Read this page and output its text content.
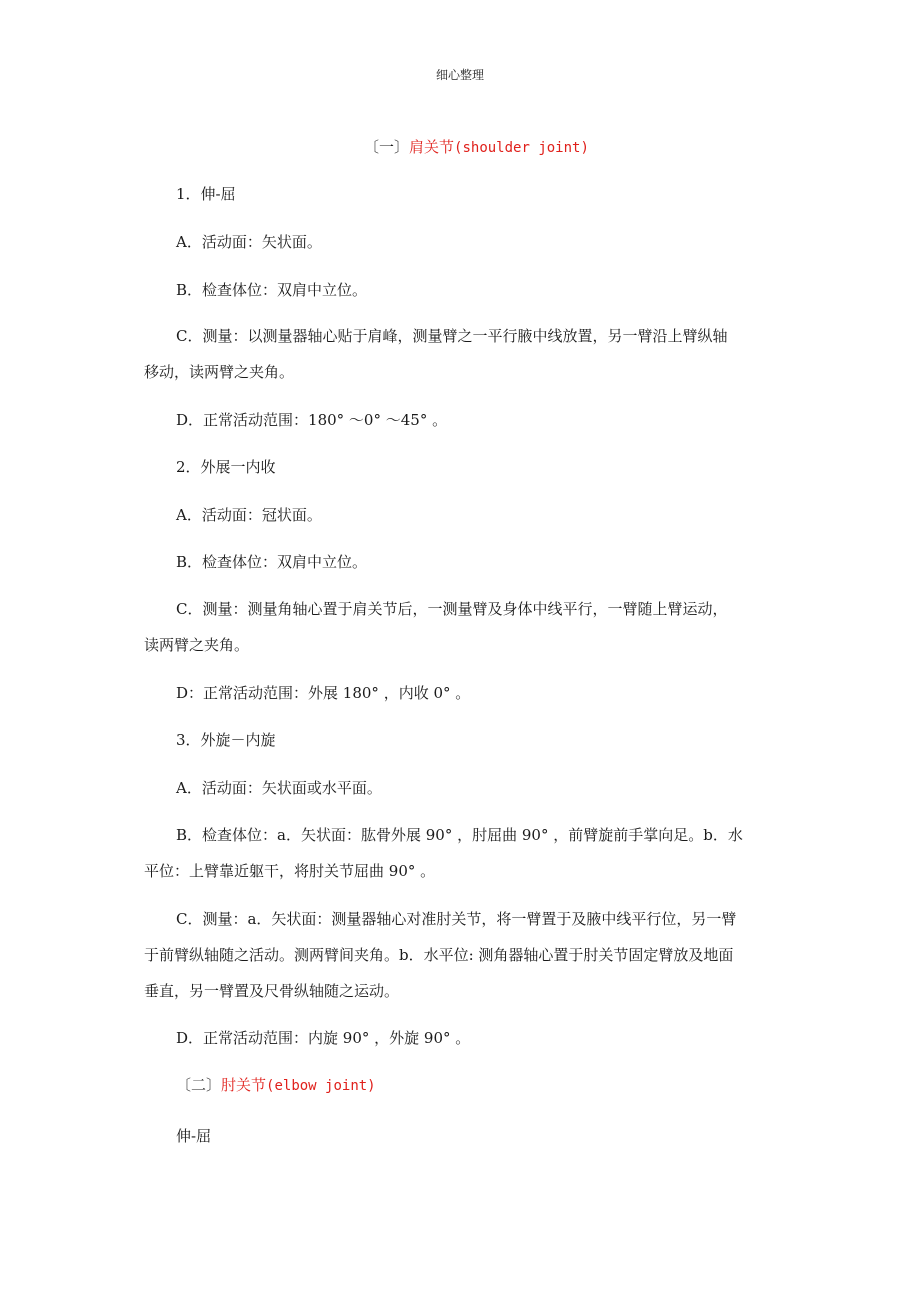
细心整理
〔一〕肩关节(shoulder joint)
1．伸-屈
A．活动面：矢状面。
B．检查体位：双肩中立位。
C．测量：以测量器轴心贴于肩峰，测量臂之一平行腋中线放置，另一臂沿上臂纵轴
移动，读两臂之夹角。
D．正常活动范围：180° ～0° ～45° 。
2．外展一内收
A．活动面：冠状面。
B．检查体位：双肩中立位。
C．测量：测量角轴心置于肩关节后，一测量臂及身体中线平行，一臂随上臂运动，
读两臂之夹角。
D：正常活动范围：外展 180° ，内收 0° 。
3．外旋－内旋
A．活动面：矢状面或水平面。
B．检查体位：a．矢状面：肱骨外展 90° ，肘屈曲 90° ，前臂旋前手掌向足。b．水
平位：上臂靠近躯干，将肘关节屈曲 90° 。
C．测量：a．矢状面：测量器轴心对准肘关节，将一臂置于及腋中线平行位，另一臂
于前臂纵轴随之活动。测两臂间夹角。b．水平位: 测角器轴心置于肘关节固定臂放及地面
垂直，另一臂置及尺骨纵轴随之运动。
D．正常活动范围：内旋 90° ，外旋 90° 。
〔二〕肘关节(elbow joint)
伸-屈
